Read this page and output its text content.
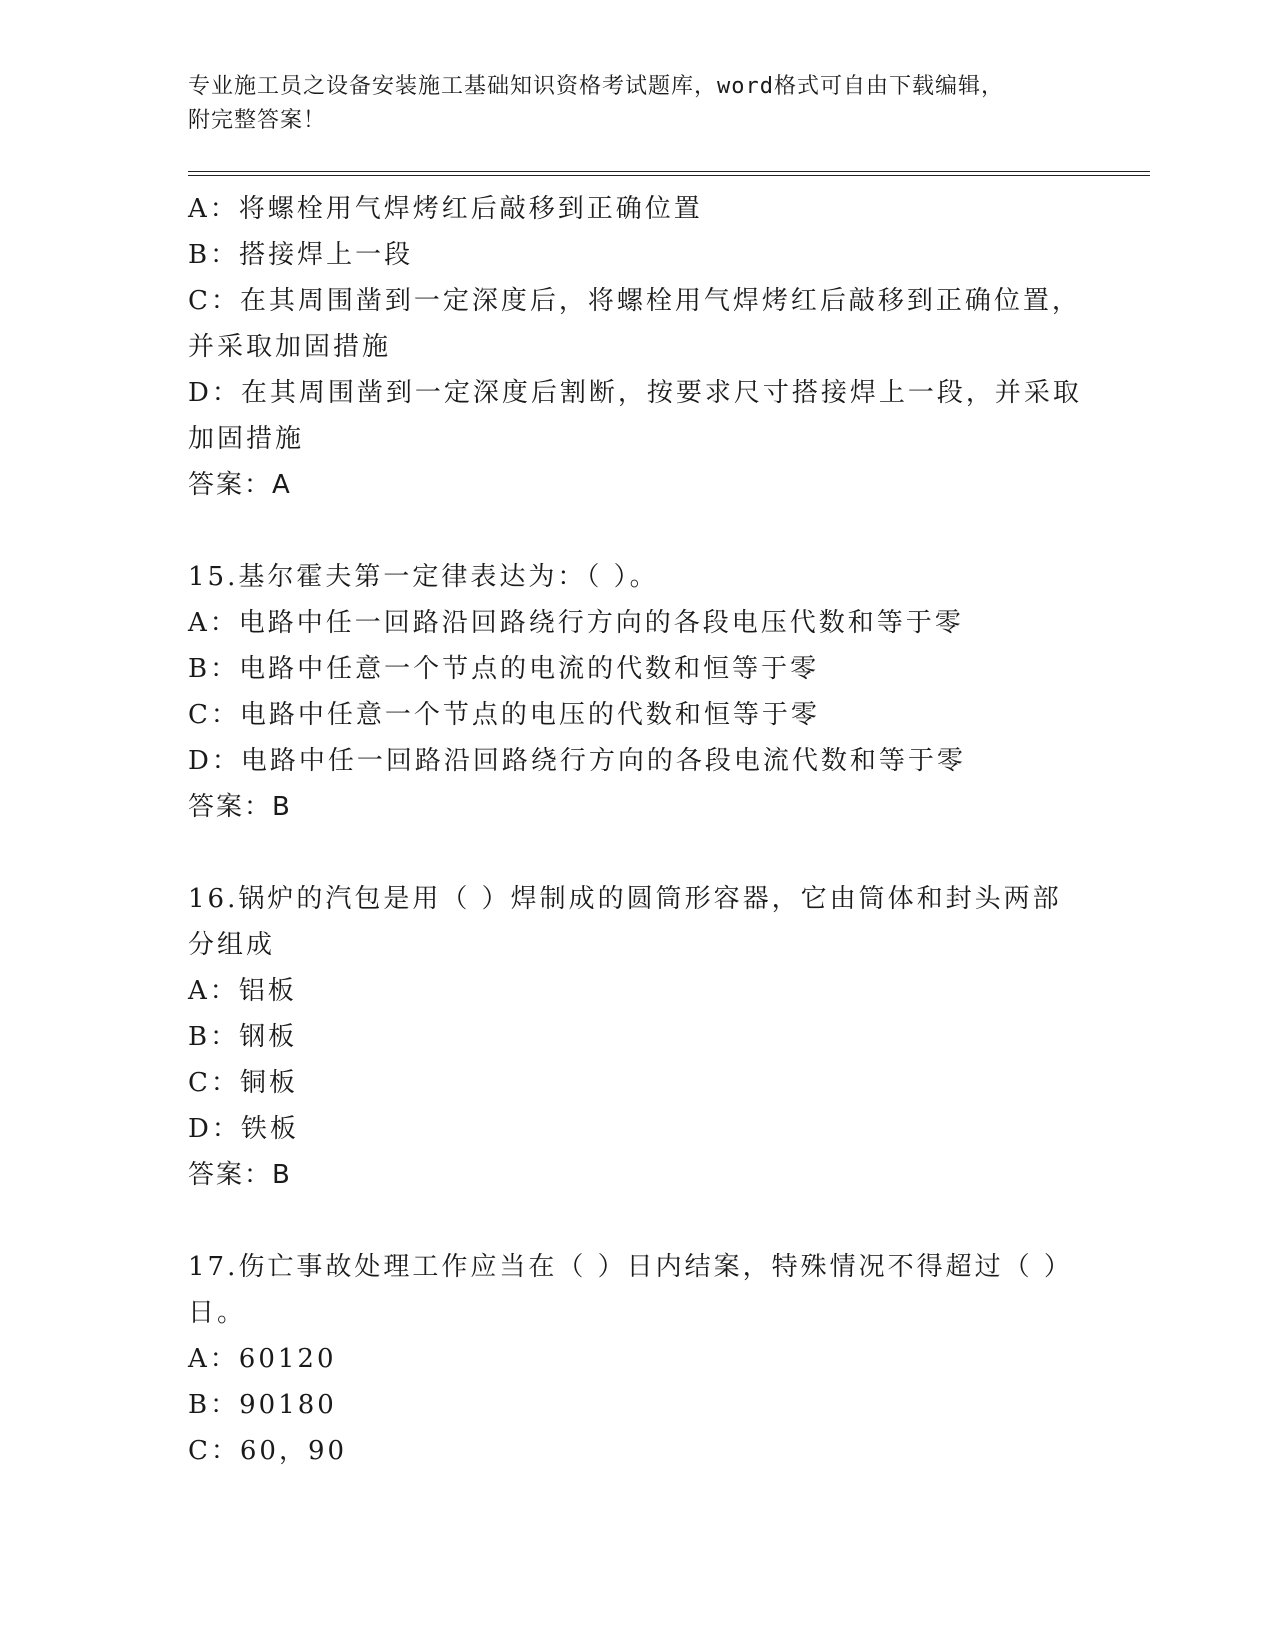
专业施工员之设备安装施工基础知识资格考试题库，word格式可自由下载编辑，
附完整答案！
A：将螺栓用气焊烤红后敲移到正确位置
B：搭接焊上一段
C：在其周围凿到一定深度后，将螺栓用气焊烤红后敲移到正确位置，
并采取加固措施
D：在其周围凿到一定深度后割断，按要求尺寸搭接焊上一段，并采取
加固措施
答案：A
15.基尔霍夫第一定律表达为：（ ）。
A：电路中任一回路沿回路绕行方向的各段电压代数和等于零
B：电路中任意一个节点的电流的代数和恒等于零
C：电路中任意一个节点的电压的代数和恒等于零
D：电路中任一回路沿回路绕行方向的各段电流代数和等于零
答案：B
16.锅炉的汽包是用（ ）焊制成的圆筒形容器，它由筒体和封头两部
分组成
A：铝板
B：钢板
C：铜板
D：铁板
答案：B
17.伤亡事故处理工作应当在（ ）日内结案，特殊情况不得超过（ ）
日。
A：60120
B：90180
C：60，90
